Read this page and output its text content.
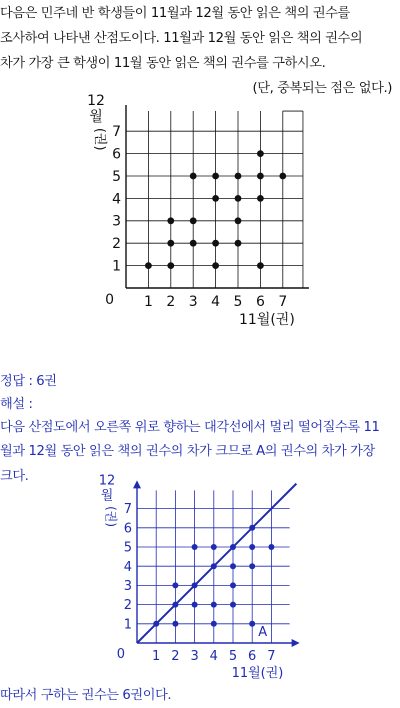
다음은 민주네 반 학생들이 11월과 12월 동안 읽은 책의 권수를
조사하여 나타낸 산점도이다. 11월과 12월 동안 읽은 책의 권수의
차가 가장 큰 학생이 11월 동안 읽은 책의 권수를 구하시오.
(단, 중복되는 점은 없다.)
정답 : 6권
해설 :
다음 산점도에서 오른쪽 위로 향하는 대각선에서 멀리 떨어질수록 11
월과 12월 동안 읽은 책의 권수의 차가 크므로 A의 권수의 차가 가장
크다.
따라서 구하는 권수는 6권이다.
1 2 3 4 5 6 7
1
2
3
4
5
6
7
0
11월(권)
12
월
(권)
1 2 3 4 5 6 7
1
2
3
4
5
6
7
0
11월(권)
12
월
(권)
A
